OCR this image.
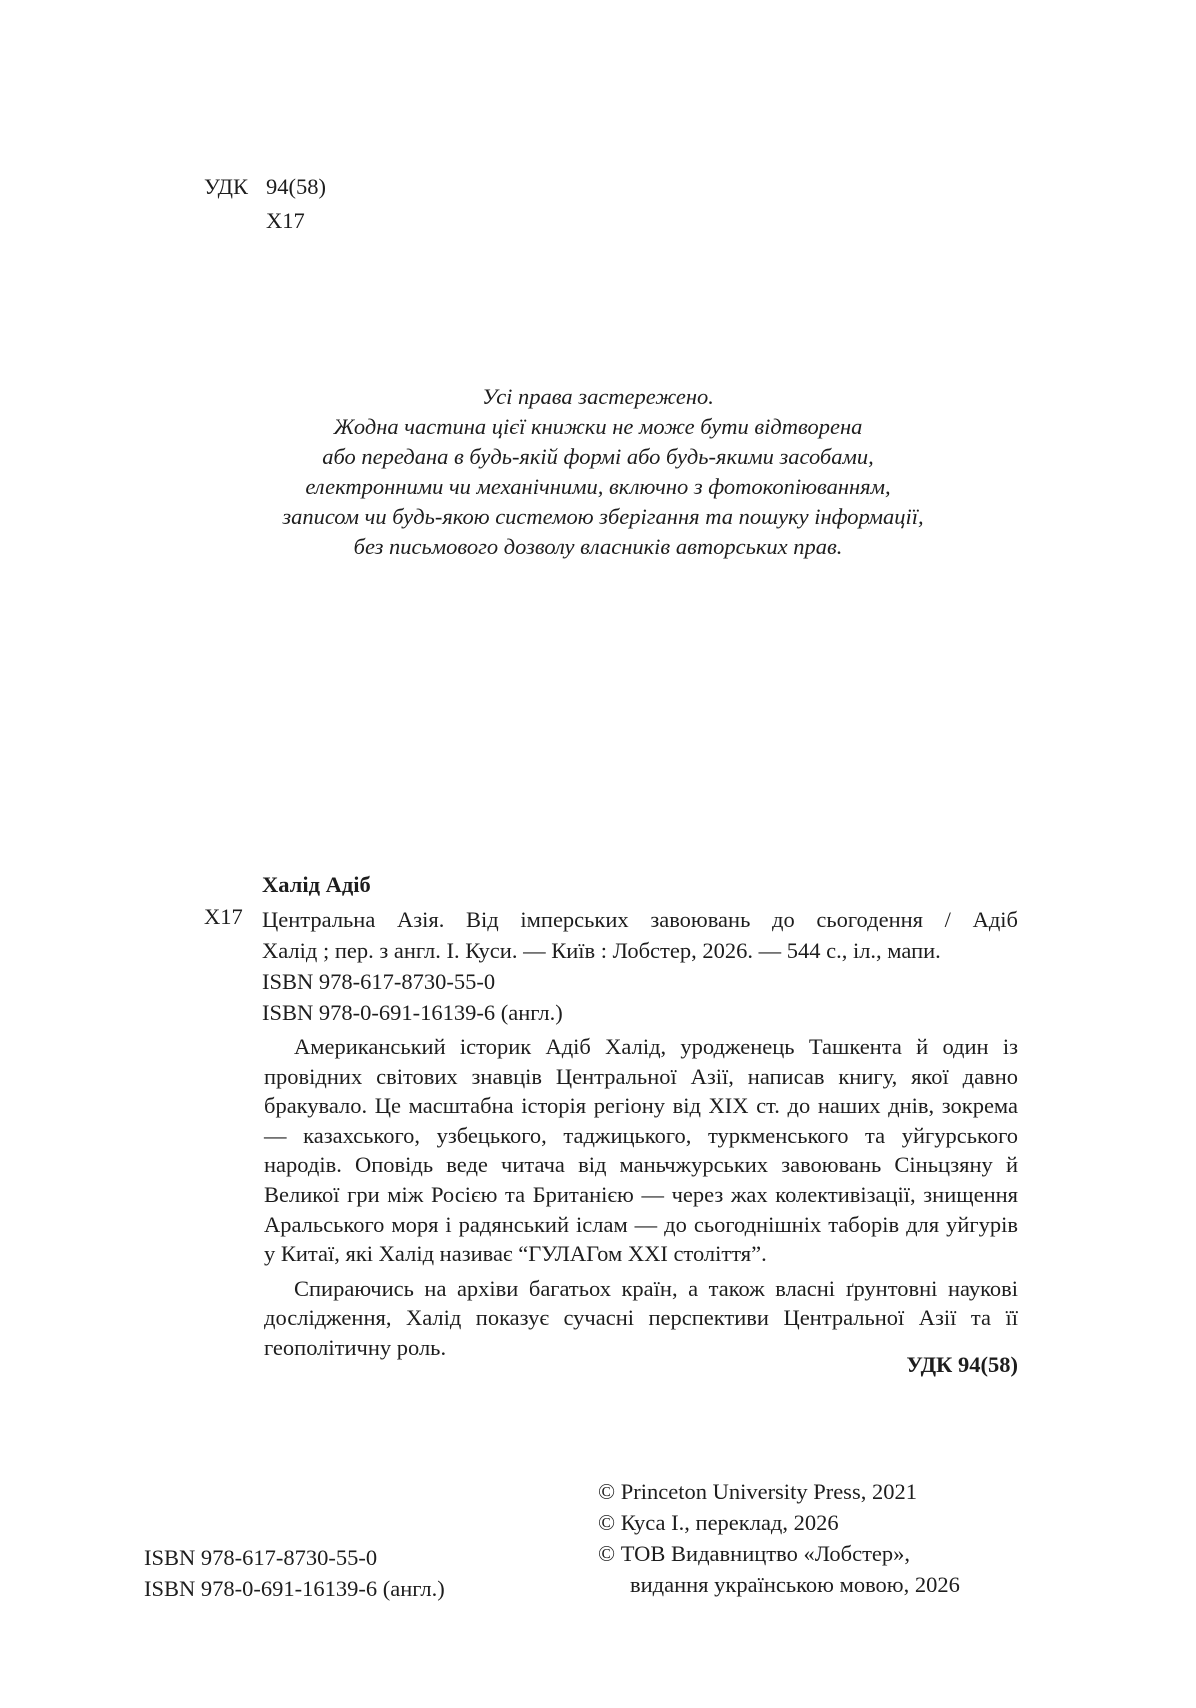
УДК 94(58)
Х17
Усі права застережено.
Жодна частина цієї книжки не може бути відтворена
або передана в будь-якій формі або будь-якими засобами,
електронними чи механічними, включно з фотокопіюванням,
записом чи будь-якою системою зберігання та пошуку інформації,
без письмового дозволу власників авторських прав.
Халід Адіб
Х17 Центральна Азія. Від імперських завоювань до сьогодення / Адіб
Халід ; пер. з англ. І. Куси. — Київ : Лобстер, 2026. — 544 с., іл., мапи.
ISBN 978-617-8730-55-0
ISBN 978-0-691-16139-6 (англ.)

Американський історик Адіб Халід, уродженець Ташкента й один із провідних світових знавців Центральної Азії, написав книгу, якої давно бракувало. Це масштабна історія регіону від XIX ст. до наших днів, зокрема — казахського, узбецького, таджицького, туркменського та уйгурського народів. Оповідь веде читача від маньчжурських завоювань Сіньцзяну й Великої гри між Росією та Британією — через жах колективізації, знищення Аральського моря і радянський іслам — до сьогоднішніх таборів для уйгурів у Китаї, які Халід називає “ГУЛАГом XXI століття”.

Спираючись на архіви багатьох країн, а також власні ґрунтовні наукові дослідження, Халід показує сучасні перспективи Центральної Азії та її геополітичну роль.

УДК 94(58)
© Princeton University Press, 2021
© Куса І., переклад, 2026
© ТОВ Видавництво «Лобстер»,
видання українською мовою, 2026
ISBN 978-617-8730-55-0
ISBN 978-0-691-16139-6 (англ.)
